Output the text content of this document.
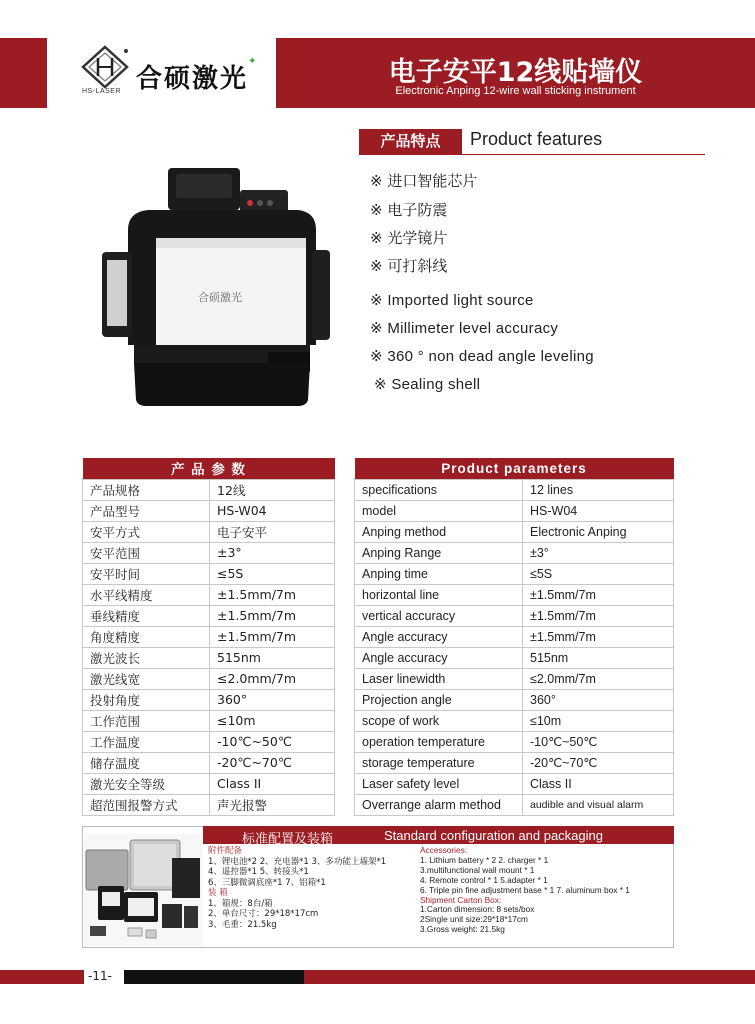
HS-LASER 合硕激光
✦	电子安平12线贴墙仪
Electronic Anping 12-wire wall sticking instrument
合硕激光
产品特点	Product features
※ 进口智能芯片
※ 电子防震
※ 光学镜片
※ 可打斜线
※ Imported light source
※ Millimeter level accuracy
※ 360 ° non dead angle leveling
※ Sealing shell
产 品 参 数	
产品规格	12线
产品型号	HS-W04
安平方式	电子安平
安平范围	±3°
安平时间	≤5S
水平线精度	±1.5mm/7m
垂线精度	±1.5mm/7m
角度精度	±1.5mm/7m
激光波长	515nm
激光线宽	≤2.0mm/7m
投射角度	360°
工作范围	≤10m
工作温度	-10℃~50℃
储存温度	-20℃~70℃
激光安全等级	Class II
超范围报警方式	声光报警
Product parameters	
specifications	12 lines
model	HS-W04
Anping method	Electronic Anping
Anping Range	±3°
Anping time	≤5S
horizontal line	±1.5mm/7m
vertical accuracy	±1.5mm/7m
Angle accuracy	±1.5mm/7m
Angle accuracy	515nm
Laser linewidth	≤2.0mm/7m
Projection angle	360°
scope of work	≤10m
operation temperature	-10℃~50℃
storage temperature	-20℃~70℃
Laser safety level	Class II
Overrange alarm method	audible and visual alarm
标准配置及装箱	Standard configuration and packaging
附件配备
1、锂电池*2 2、充电器*1 3、多功能上墙架*1
4、遥控器*1 5、转接头*1
6、三脚微调底座*1 7、铝箱*1
装 箱
1、箱规：8台/箱
2、单台尺寸：29*18*17cm
3、毛重：21.5kg
Accessories:
1. Lithium battery * 2 2. charger * 1
3.multifunctional wall mount * 1
4. Remote control * 1 5.adapter * 1
6. Triple pin fine adjustment base * 1 7. aluminum box * 1
Shipment Carton Box:
1.Carton dimension: 8 sets/box
2Single unit size:29*18*17cm
3.Gross weight: 21.5kg
-11-
